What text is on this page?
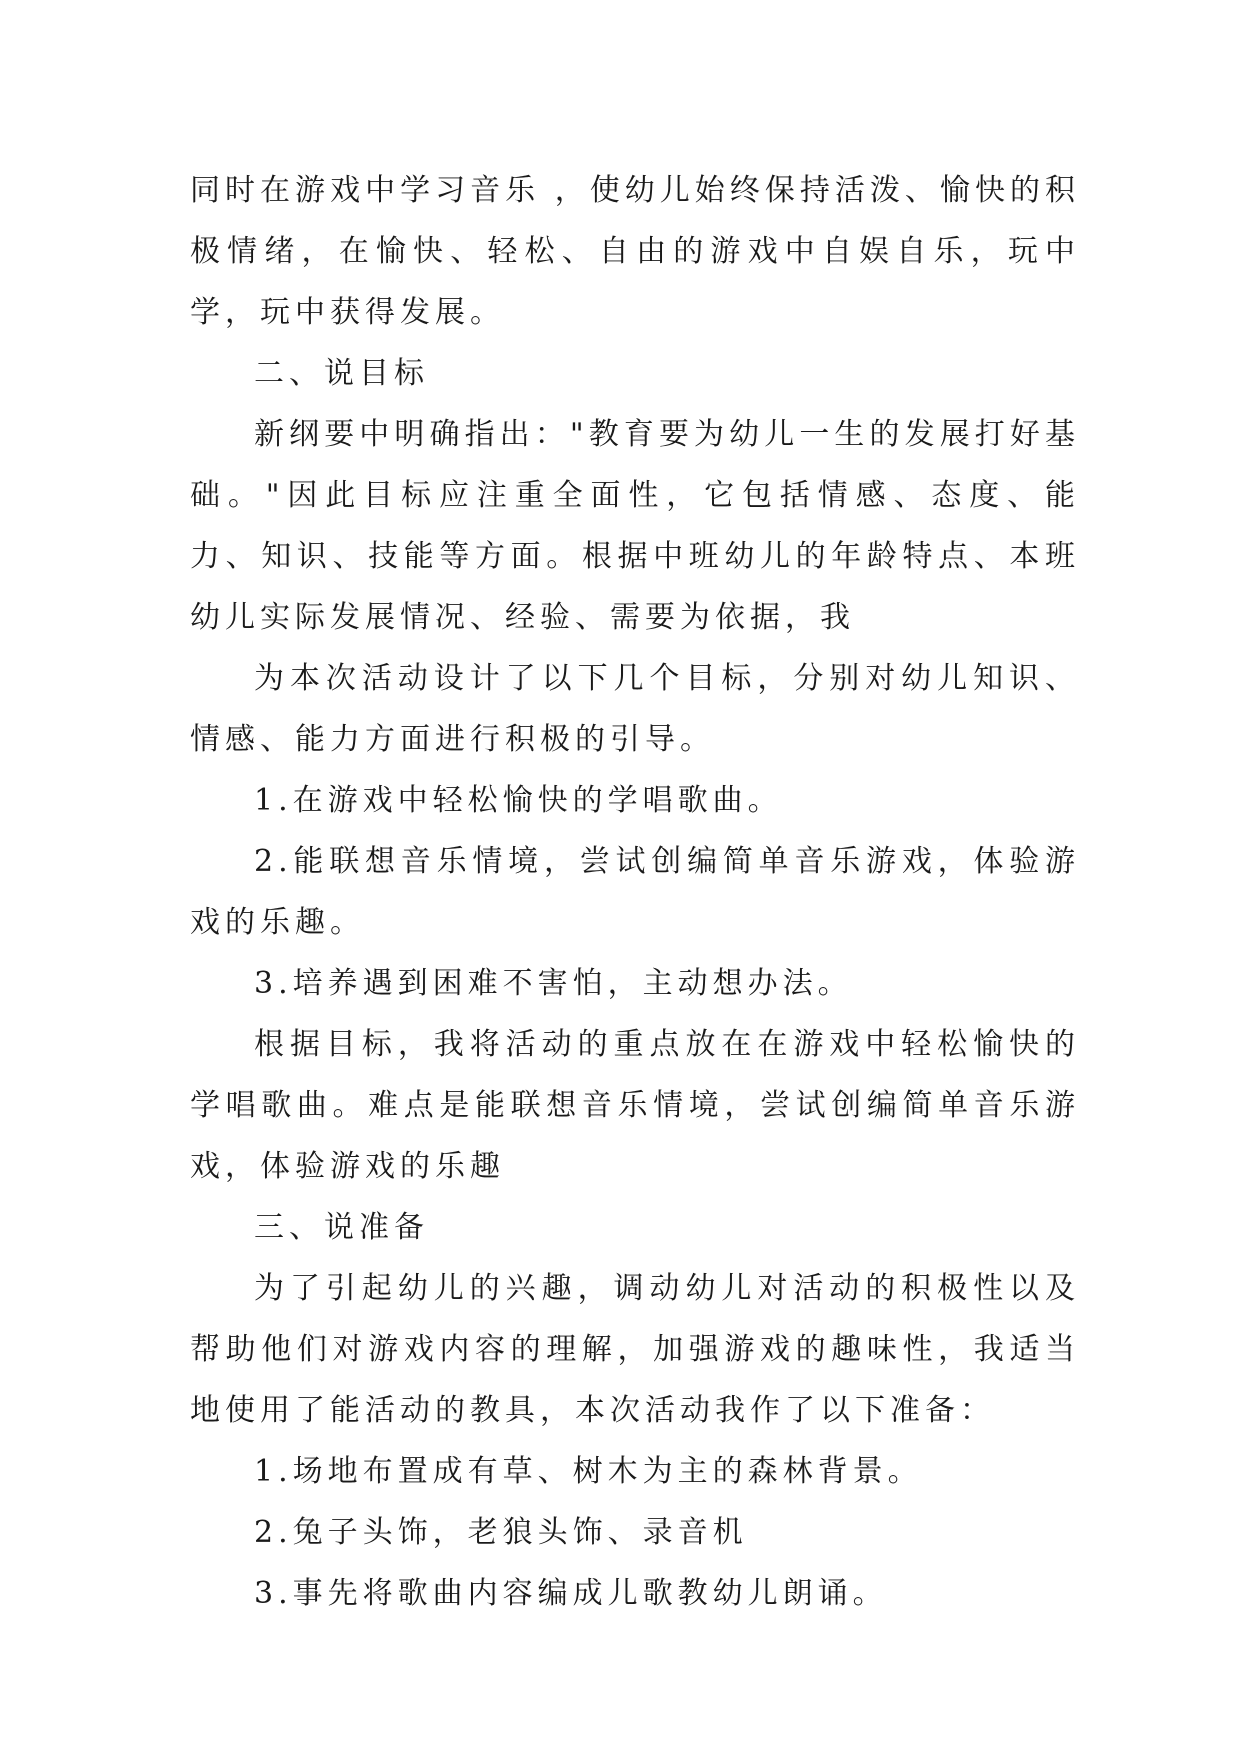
同时在游戏中学习音乐 ，使幼儿始终保持活泼、愉快的积极情绪，在愉快、轻松、自由的游戏中自娱自乐，玩中学，玩中获得发展。

二、说目标

新纲要中明确指出："教育要为幼儿一生的发展打好基础。"因此目标应注重全面性，它包括情感、态度、能力、知识、技能等方面。根据中班幼儿的年龄特点、本班幼儿实际发展情况、经验、需要为依据，我

为本次活动设计了以下几个目标，分别对幼儿知识、情感、能力方面进行积极的引导。

1.在游戏中轻松愉快的学唱歌曲。

2.能联想音乐情境，尝试创编简单音乐游戏，体验游戏的乐趣。

3.培养遇到困难不害怕，主动想办法。

根据目标，我将活动的重点放在在游戏中轻松愉快的学唱歌曲。难点是能联想音乐情境，尝试创编简单音乐游戏，体验游戏的乐趣

三、说准备

为了引起幼儿的兴趣，调动幼儿对活动的积极性以及帮助他们对游戏内容的理解，加强游戏的趣味性，我适当地使用了能活动的教具，本次活动我作了以下准备：

1.场地布置成有草、树木为主的森林背景。

2.兔子头饰，老狼头饰、录音机

3.事先将歌曲内容编成儿歌教幼儿朗诵。
